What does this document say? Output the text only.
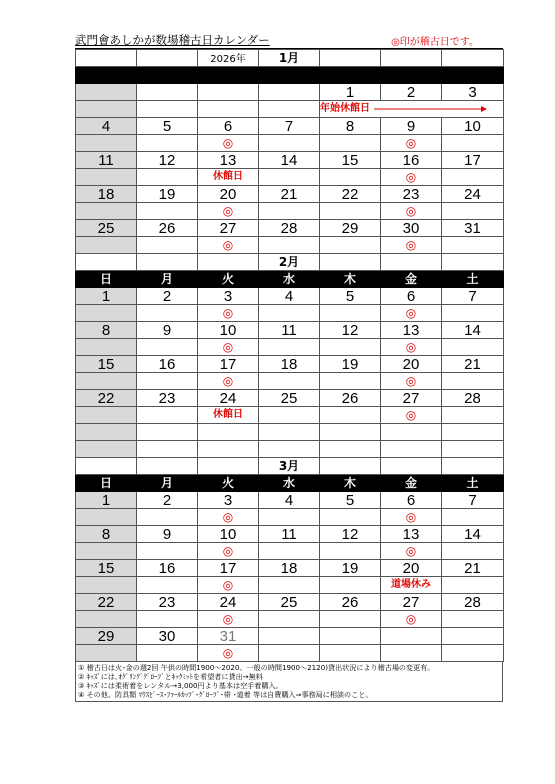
武門會あしかが数場稽古日カレンダー	◎印が稽古日です。
		2026年	1月			

				1	2	3

				年始休館日		

4	5	6	7	8	9	10
		◎			◎	
11	12	13	14	15	16	17
		休館日			◎	
18	19	20	21	22	23	24
		◎			◎	
25	26	27	28	29	30	31
		◎			◎	
			2月			
日	月	火	水	木	金	土
1	2	3	4	5	6	7
		◎			◎	
8	9	10	11	12	13	14
		◎			◎	
15	16	17	18	19	20	21
		◎			◎	
22	23	24	25	26	27	28
		休館日			◎	

			3月			
日	月	火	水	木	金	土
1	2	3	4	5	6	7
		◎			◎	
8	9	10	11	12	13	14
		◎			◎	
15	16	17	18	19	20	21
		◎			道場休み	
22	23	24	25	26	27	28
		◎			◎	
29	30	31				
		◎				
① 稽古日は火･金の週2回 午供の時間1900～2020、一般の時間1900～2120)貸出状況により稽古場の変更有。
② ｷｯｽﾞには､ｵｸﾞﾘﾝｸﾞｸﾞﾛｰﾌﾞとｷｯｸﾐｯﾄを希望者に貸出→無料
③ ｷｯｽﾞには柔術着をレンタル→3,000円より基本は空手着購入。
④ その他、防具類 ﾏｳｽﾋﾟｰｽ･ﾌｧｰﾙｶｯﾌﾟ･ｸﾞﾛｰﾌﾞ･帯 ･道着 等は自費購入⇒事務局に相談のこと。
